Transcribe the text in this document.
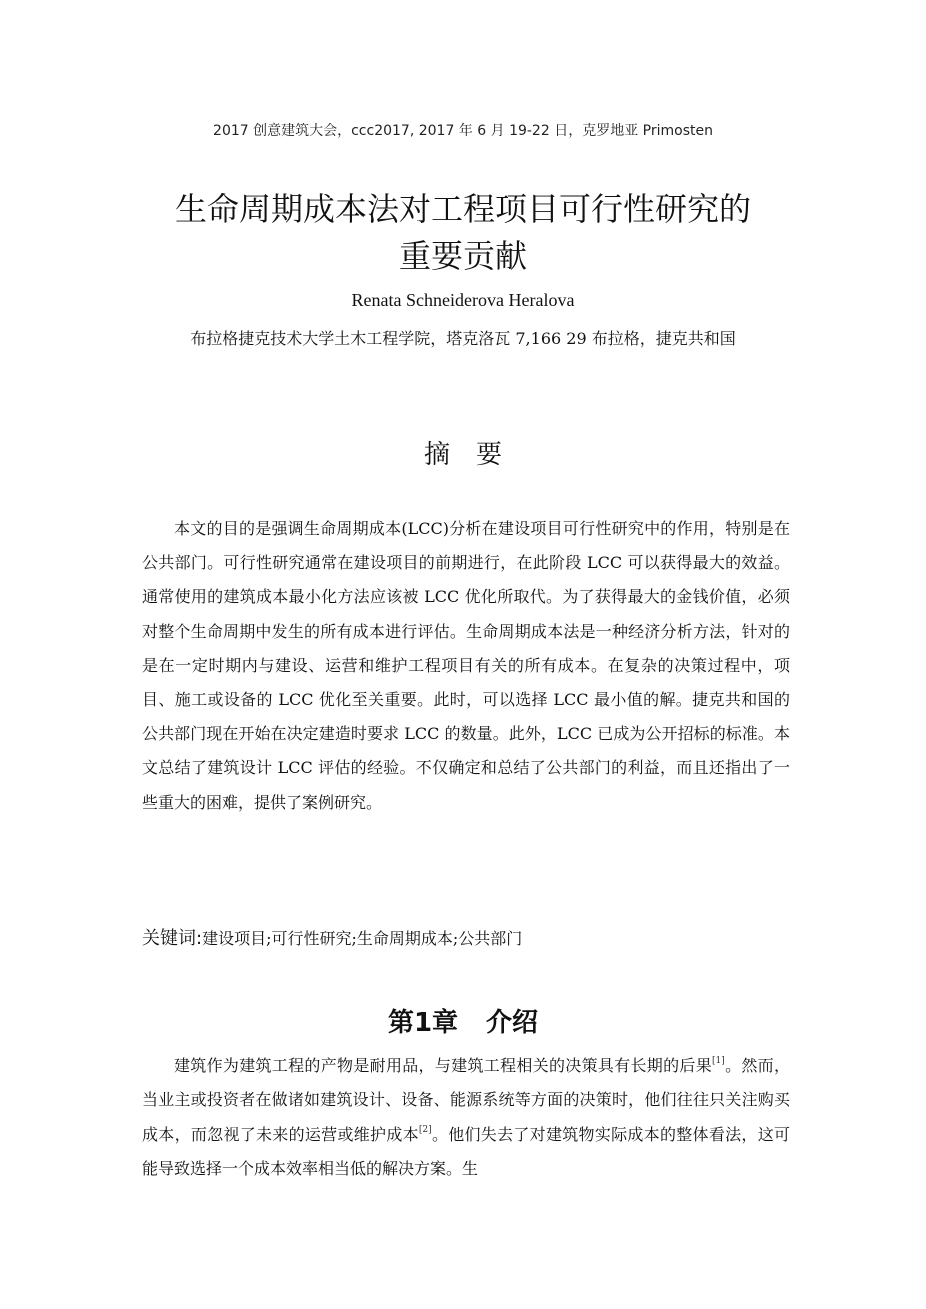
2017 创意建筑大会，ccc2017, 2017 年 6 月 19-22 日，克罗地亚 Primosten
生命周期成本法对工程项目可行性研究的
重要贡献
Renata Schneiderova Heralova
布拉格捷克技术大学土木工程学院，塔克洛瓦 7,166 29 布拉格，捷克共和国
摘　要

本文的目的是强调生命周期成本(LCC)分析在建设项目可行性研究中的作用，特别是在公共部门。可行性研究通常在建设项目的前期进行，在此阶段 LCC 可以获得最大的效益。通常使用的建筑成本最小化方法应该被 LCC 优化所取代。为了获得最大的金钱价值，必须对整个生命周期中发生的所有成本进行评估。生命周期成本法是一种经济分析方法，针对的是在一定时期内与建设、运营和维护工程项目有关的所有成本。在复杂的决策过程中，项目、施工或设备的 LCC 优化至关重要。此时，可以选择 LCC 最小值的解。捷克共和国的公共部门现在开始在决定建造时要求 LCC 的数量。此外，LCC 已成为公开招标的标准。本文总结了建筑设计 LCC 评估的经验。不仅确定和总结了公共部门的利益，而且还指出了一些重大的困难，提供了案例研究。

关键词:建设项目;可行性研究;生命周期成本;公共部门
第1章 介绍

建筑作为建筑工程的产物是耐用品，与建筑工程相关的决策具有长期的后果[1]。然而，当业主或投资者在做诸如建筑设计、设备、能源系统等方面的决策时，他们往往只关注购买成本，而忽视了未来的运营或维护成本[2]。他们失去了对建筑物实际成本的整体看法，这可能导致选择一个成本效率相当低的解决方案。生
